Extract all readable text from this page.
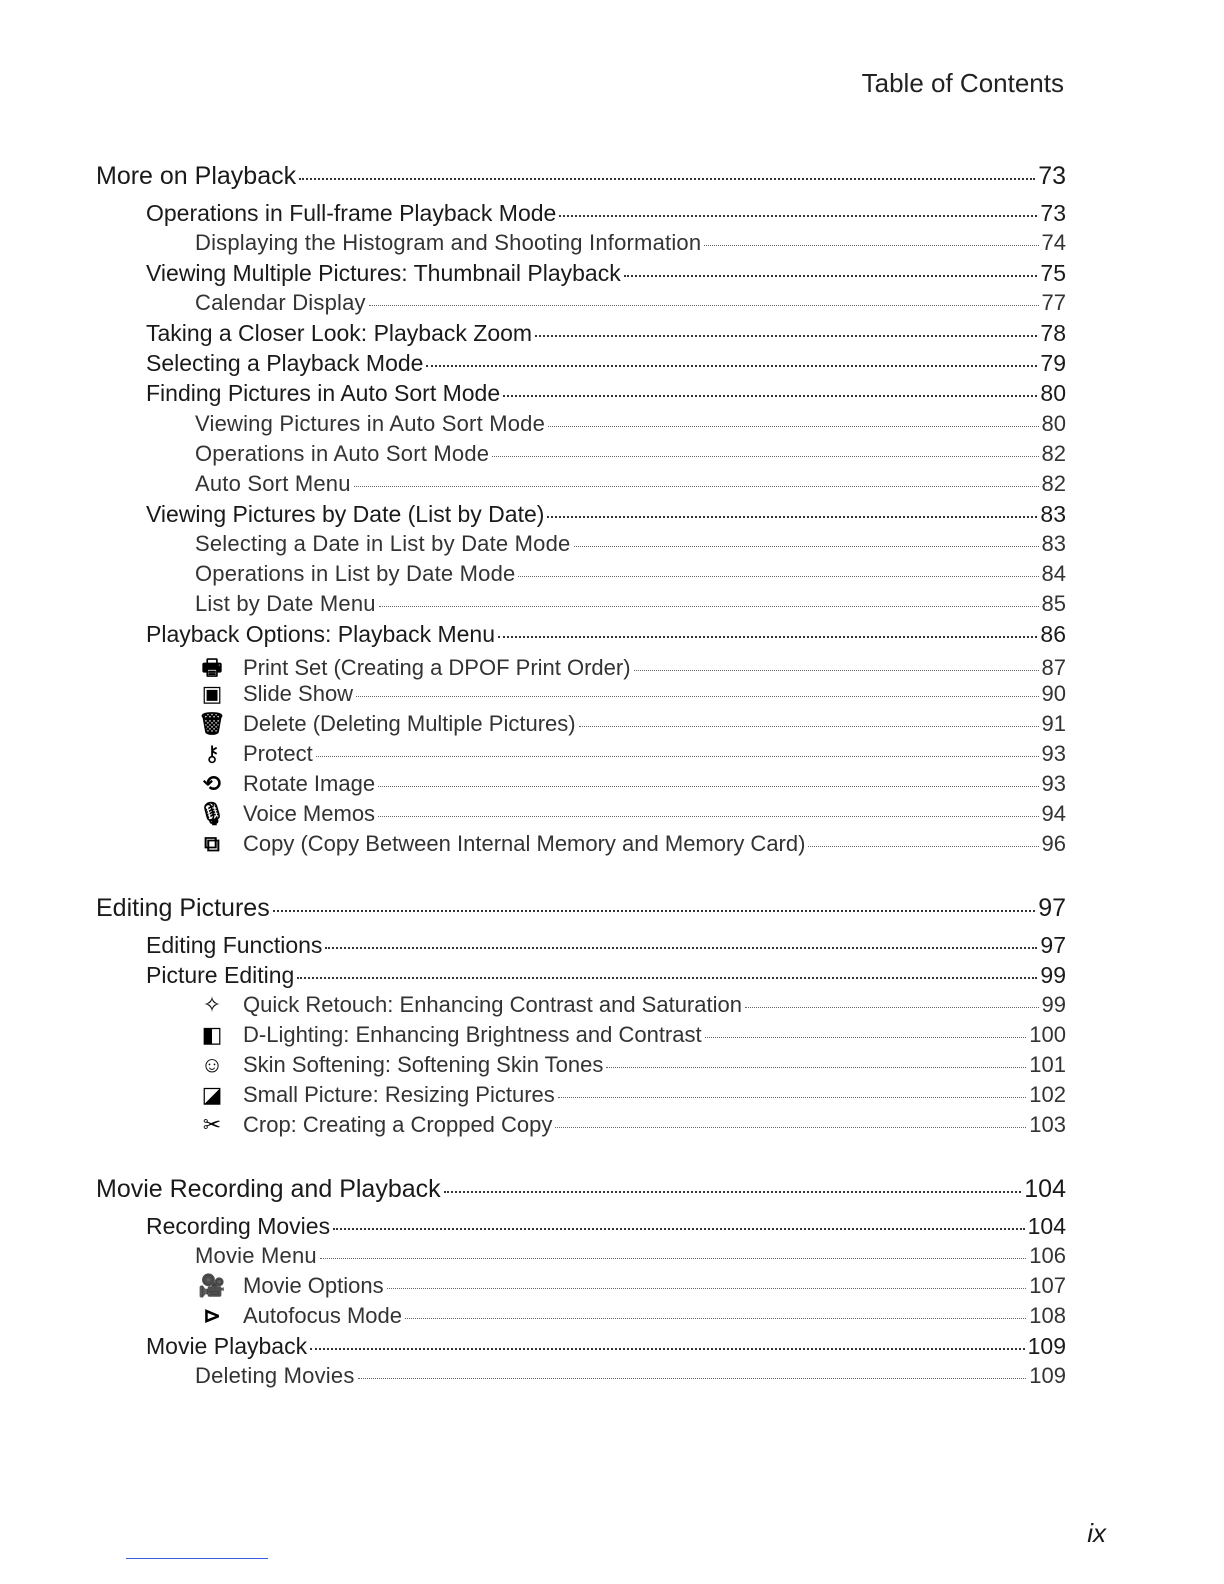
Table of Contents
More on Playback	73
Operations in Full-frame Playback Mode	73
Displaying the Histogram and Shooting Information	74
Viewing Multiple Pictures: Thumbnail Playback	75
Calendar Display	77
Taking a Closer Look: Playback Zoom	78
Selecting a Playback Mode	79
Finding Pictures in Auto Sort Mode	80
Viewing Pictures in Auto Sort Mode	80
Operations in Auto Sort Mode	82
Auto Sort Menu	82
Viewing Pictures by Date (List by Date)	83
Selecting a Date in List by Date Mode	83
Operations in List by Date Mode	84
List by Date Menu	85
Playback Options: Playback Menu	86
🖶 Print Set (Creating a DPOF Print Order)	87
▣ Slide Show	90
🗑 Delete (Deleting Multiple Pictures)	91
⚷ Protect	93
⟲ Rotate Image	93
🎙 Voice Memos	94
⧉ Copy (Copy Between Internal Memory and Memory Card)	96
Editing Pictures	97
Editing Functions	97
Picture Editing	99
✧ Quick Retouch: Enhancing Contrast and Saturation	99
◧ D-Lighting: Enhancing Brightness and Contrast	100
☺ Skin Softening: Softening Skin Tones	101
◪ Small Picture: Resizing Pictures	102
✂ Crop: Creating a Cropped Copy	103
Movie Recording and Playback	104
Recording Movies	104
Movie Menu	106
🎥 Movie Options	107
⊳ Autofocus Mode	108
Movie Playback	109
Deleting Movies	109
ix
